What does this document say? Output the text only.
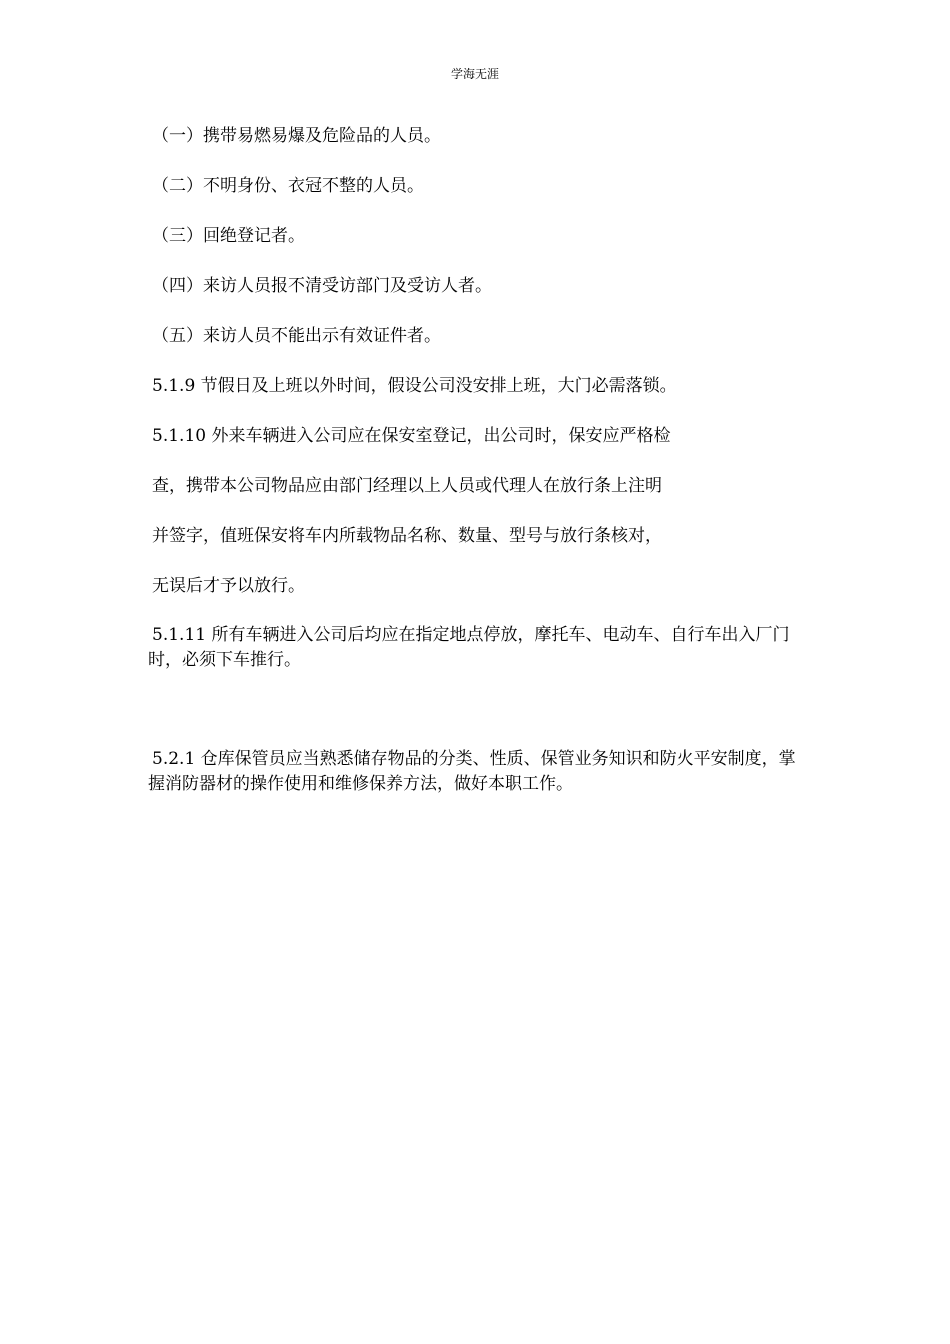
学海无涯
（一）携带易燃易爆及危险品的人员。
（二）不明身份、衣冠不整的人员。
（三）回绝登记者。
（四）来访人员报不清受访部门及受访人者。
（五）来访人员不能出示有效证件者。
5.1.9 节假日及上班以外时间，假设公司没安排上班，大门必需落锁。
5.1.10 外来车辆进入公司应在保安室登记，出公司时，保安应严格检
查，携带本公司物品应由部门经理以上人员或代理人在放行条上注明
并签字，值班保安将车内所载物品名称、数量、型号与放行条核对，
无误后才予以放行。
5.1.11 所有车辆进入公司后均应在指定地点停放，摩托车、电动车、自行车出入厂门时，必须下车推行。
5.2.1 仓库保管员应当熟悉储存物品的分类、性质、保管业务知识和防火平安制度，掌握消防器材的操作使用和维修保养方法，做好本职工作。
